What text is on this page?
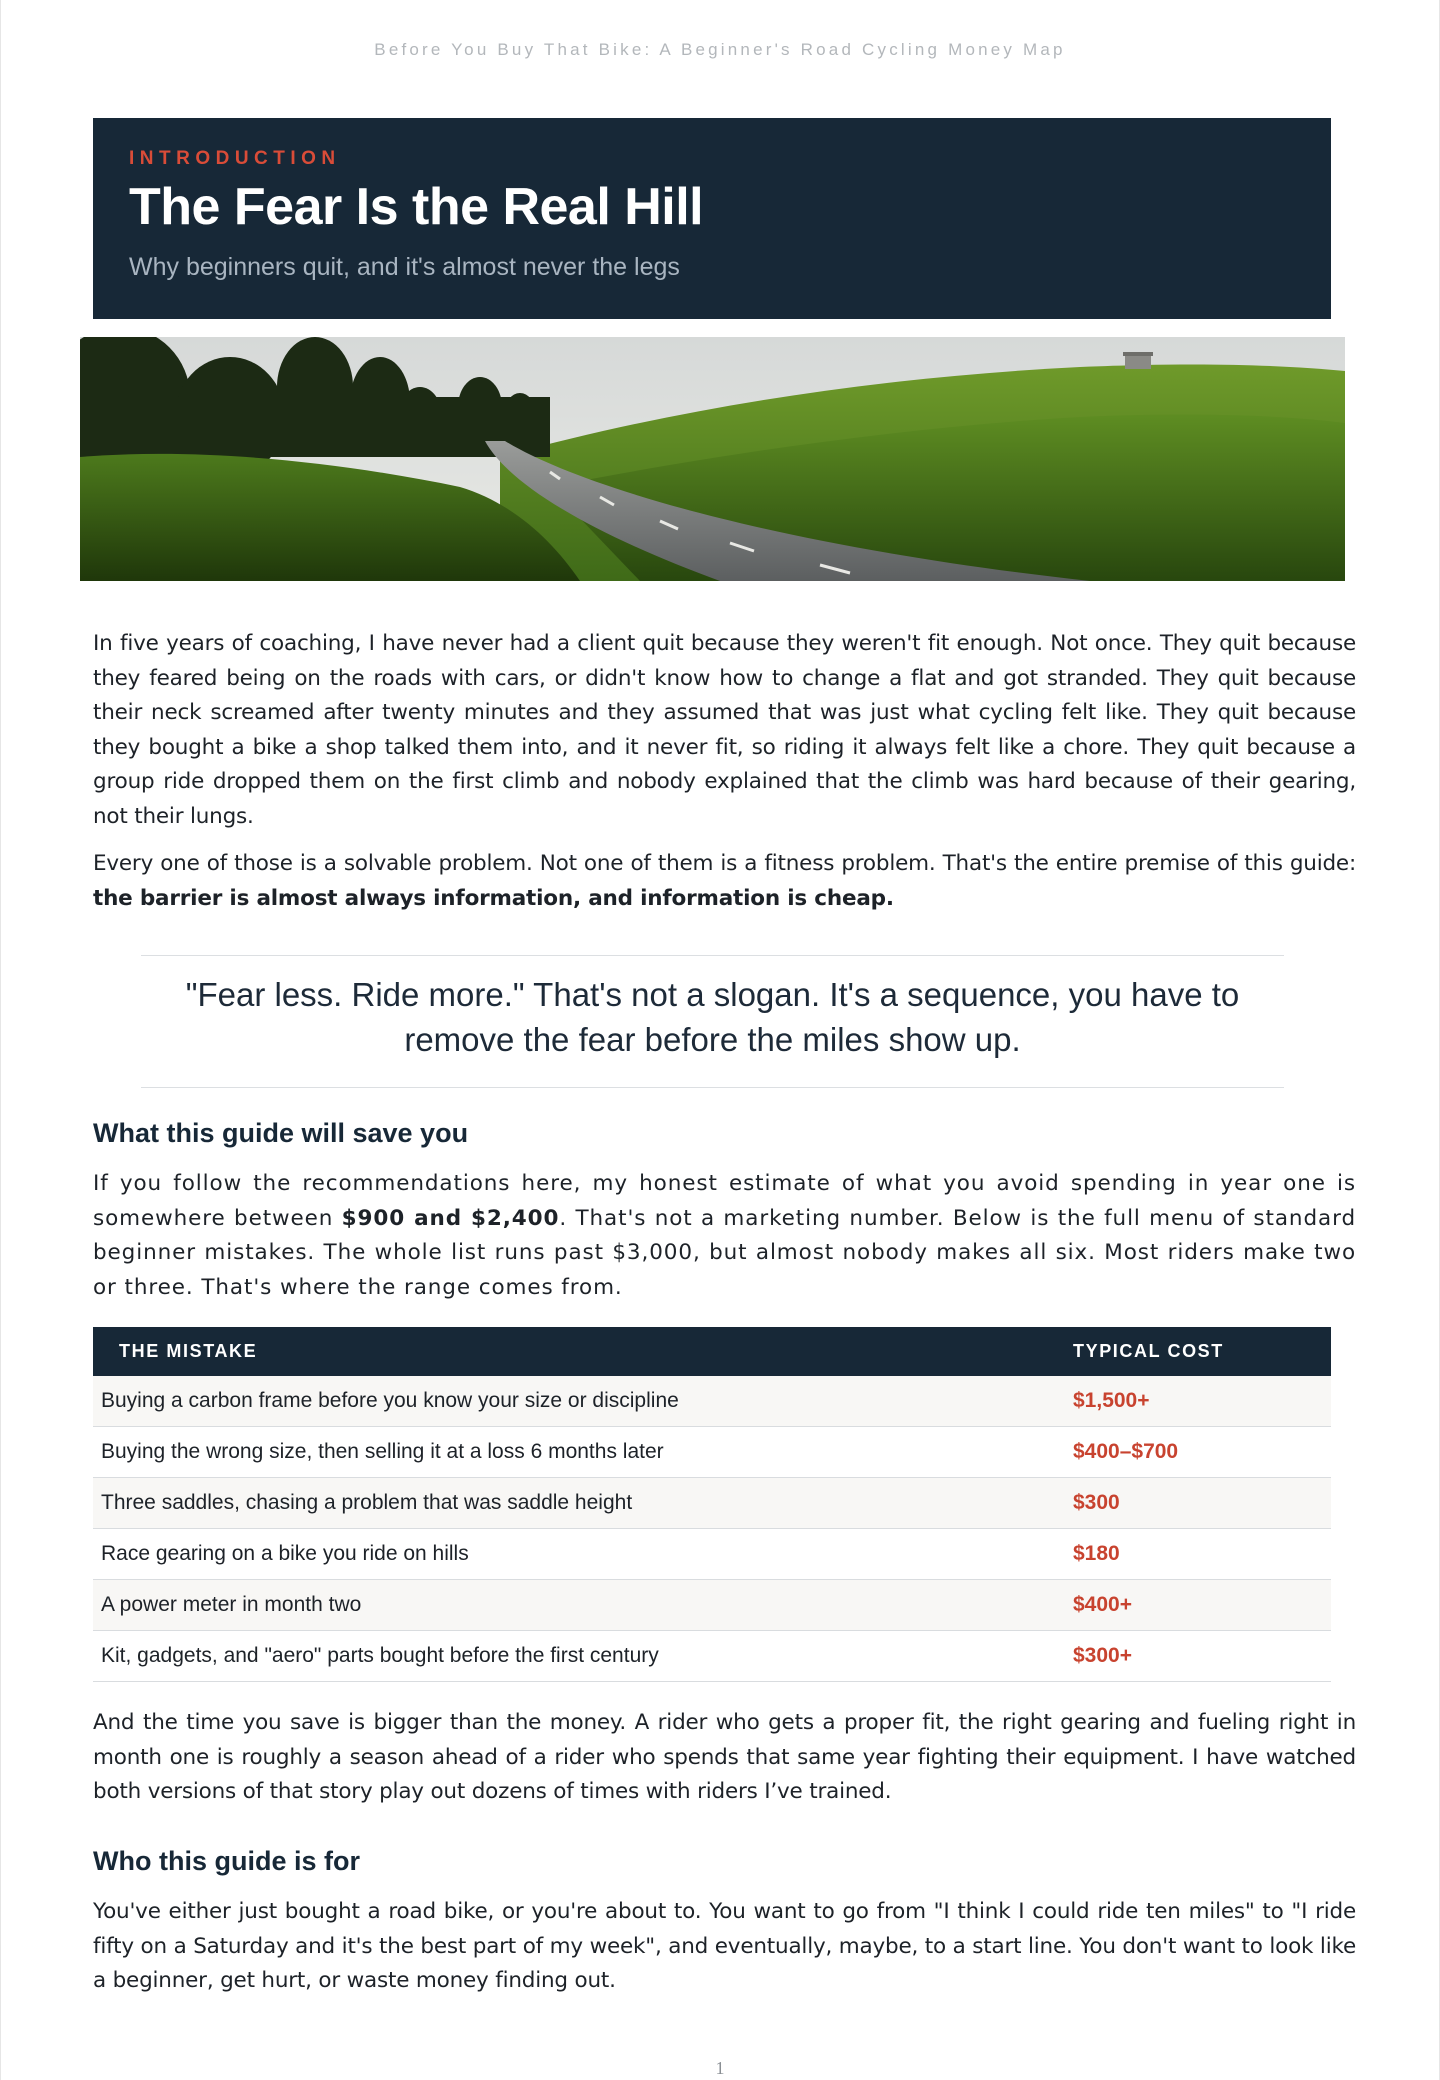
Before You Buy That Bike: A Beginner's Road Cycling Money Map

INTRODUCTION

The Fear Is the Real Hill

Why beginners quit, and it's almost never the legs

In five years of coaching, I have never had a client quit because they weren't fit enough. Not once. They quit because they feared being on the roads with cars, or didn't know how to change a flat and got stranded. They quit because their neck screamed after twenty minutes and they assumed that was just what cycling felt like. They quit because they bought a bike a shop talked them into, and it never fit, so riding it always felt like a chore. They quit because a group ride dropped them on the first climb and nobody explained that the climb was hard because of their gearing, not their lungs.

Every one of those is a solvable problem. Not one of them is a fitness problem. That's the entire premise of this guide: the barrier is almost always information, and information is cheap.

"Fear less. Ride more." That's not a slogan. It's a sequence, you have to remove the fear before the miles show up.
What this guide will save you

If you follow the recommendations here, my honest estimate of what you avoid spending in year one is somewhere between $900 and $2,400. That's not a marketing number. Below is the full menu of standard beginner mistakes. The whole list runs past $3,000, but almost nobody makes all six. Most riders make two or three. That's where the range comes from.

THE MISTAKE	TYPICAL COST
Buying a carbon frame before you know your size or discipline	$1,500+
Buying the wrong size, then selling it at a loss 6 months later	$400–$700
Three saddles, chasing a problem that was saddle height	$300
Race gearing on a bike you ride on hills	$180
A power meter in month two	$400+
Kit, gadgets, and "aero" parts bought before the first century	$300+

And the time you save is bigger than the money. A rider who gets a proper fit, the right gearing and fueling right in month one is roughly a season ahead of a rider who spends that same year fighting their equipment. I have watched both versions of that story play out dozens of times with riders I’ve trained.

Who this guide is for

You've either just bought a road bike, or you're about to. You want to go from "I think I could ride ten miles" to "I ride fifty on a Saturday and it's the best part of my week", and eventually, maybe, to a start line. You don't want to look like a beginner, get hurt, or waste money finding out.

1
